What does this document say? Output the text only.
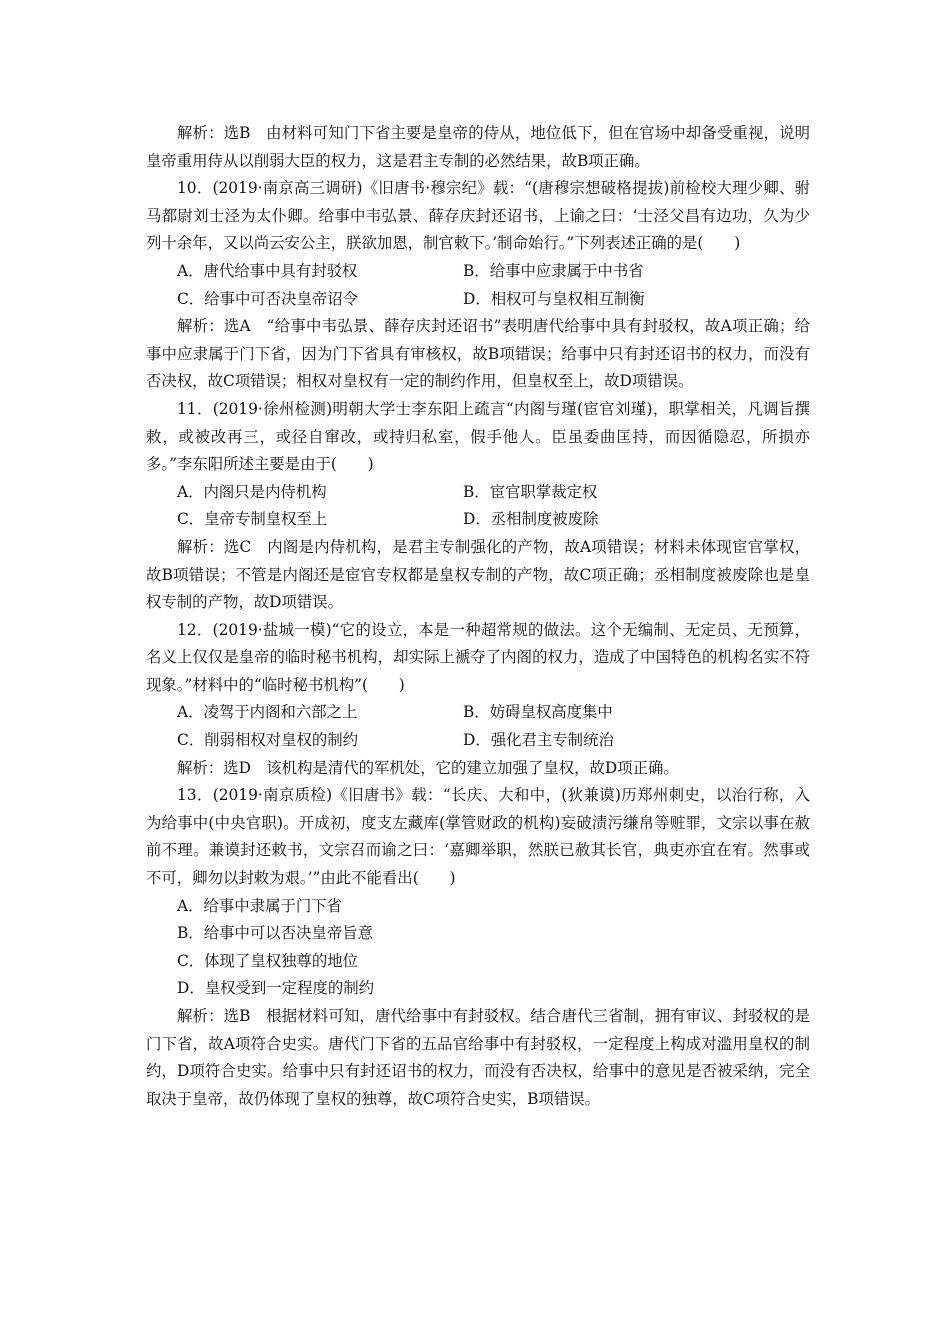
解析：选B　由材料可知门下省主要是皇帝的侍从，地位低下，但在官场中却备受重视，说明皇帝重用侍从以削弱大臣的权力，这是君主专制的必然结果，故B项正确。

10．(2019·南京高三调研)《旧唐书·穆宗纪》载：“(唐穆宗想破格提拔)前检校大理少卿、驸马都尉刘士泾为太仆卿。给事中韦弘景、薛存庆封还诏书，上谕之曰：‘士泾父昌有边功，久为少列十余年，又以尚云安公主，朕欲加恩，制官敕下。’制命始行。”下列表述正确的是(　　)

A．唐代给事中具有封驳权	B．给事中应隶属于中书省
C．给事中可否决皇帝诏令	D．相权可与皇权相互制衡

解析：选A　“给事中韦弘景、薛存庆封还诏书”表明唐代给事中具有封驳权，故A项正确；给事中应隶属于门下省，因为门下省具有审核权，故B项错误；给事中只有封还诏书的权力，而没有否决权，故C项错误；相权对皇权有一定的制约作用，但皇权至上，故D项错误。

11．(2019·徐州检测)明朝大学士李东阳上疏言“内阁与瑾(宦官刘瑾)，职掌相关，凡调旨撰敕，或被改再三，或径自窜改，或持归私室，假手他人。臣虽委曲匡持，而因循隐忍，所损亦多。”李东阳所述主要是由于(　　)

A．内阁只是内侍机构	B．宦官职掌裁定权
C．皇帝专制皇权至上	D．丞相制度被废除

解析：选C　内阁是内侍机构，是君主专制强化的产物，故A项错误；材料未体现宦官掌权，故B项错误；不管是内阁还是宦官专权都是皇权专制的产物，故C项正确；丞相制度被废除也是皇权专制的产物，故D项错误。

12．(2019·盐城一模)“它的设立，本是一种超常规的做法。这个无编制、无定员、无预算，名义上仅仅是皇帝的临时秘书机构，却实际上褫夺了内阁的权力，造成了中国特色的机构名实不符现象。”材料中的“临时秘书机构”(　　)

A．凌驾于内阁和六部之上	B．妨碍皇权高度集中
C．削弱相权对皇权的制约	D．强化君主专制统治

解析：选D　该机构是清代的军机处，它的建立加强了皇权，故D项正确。

13．(2019·南京质检)《旧唐书》载：“长庆、大和中，(狄兼谟)历郑州刺史，以治行称，入为给事中(中央官职)。开成初，度支左藏库(掌管财政的机构)妄破渍污缣帛等赃罪，文宗以事在赦前不理。兼谟封还敕书，文宗召而谕之曰：‘嘉卿举职，然朕已赦其长官，典吏亦宜在宥。然事或不可，卿勿以封敕为艰。’”由此不能看出(　　)

A．给事中隶属于门下省
B．给事中可以否决皇帝旨意
C．体现了皇权独尊的地位
D．皇权受到一定程度的制约

解析：选B　根据材料可知，唐代给事中有封驳权。结合唐代三省制，拥有审议、封驳权的是门下省，故A项符合史实。唐代门下省的五品官给事中有封驳权，一定程度上构成对滥用皇权的制约，D项符合史实。给事中只有封还诏书的权力，而没有否决权，给事中的意见是否被采纳，完全取决于皇帝，故仍体现了皇权的独尊，故C项符合史实，B项错误。
